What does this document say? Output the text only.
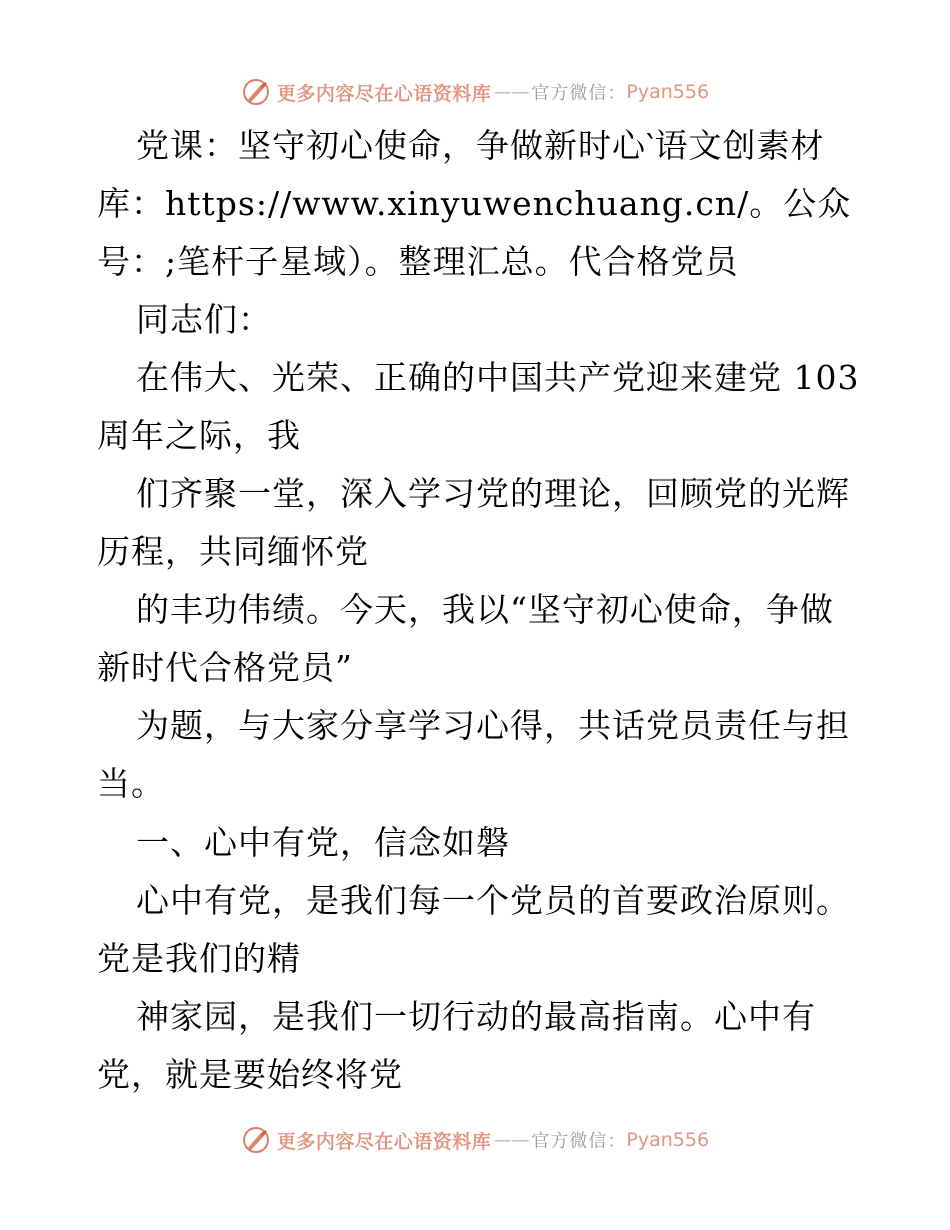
更多内容尽在心语资料库 —— 官方微信： Pyan556
党课：坚守初心使命，争做新时心‵语文创素材
库：https://www.xinyuwenchuang.cn/。公众
号：;笔杆子星域）。整理汇总。代合格党员
同志们：
在伟大、光荣、正确的中国共产党迎来建党 103
周年之际，我
们齐聚一堂，深入学习党的理论，回顾党的光辉
历程，共同缅怀党
的丰功伟绩。今天，我以“坚守初心使命，争做
新时代合格党员”
为题，与大家分享学习心得，共话党员责任与担
当。
一、心中有党，信念如磐
心中有党，是我们每一个党员的首要政治原则。
党是我们的精
神家园，是我们一切行动的最高指南。心中有
党，就是要始终将党
更多内容尽在心语资料库 —— 官方微信： Pyan556
